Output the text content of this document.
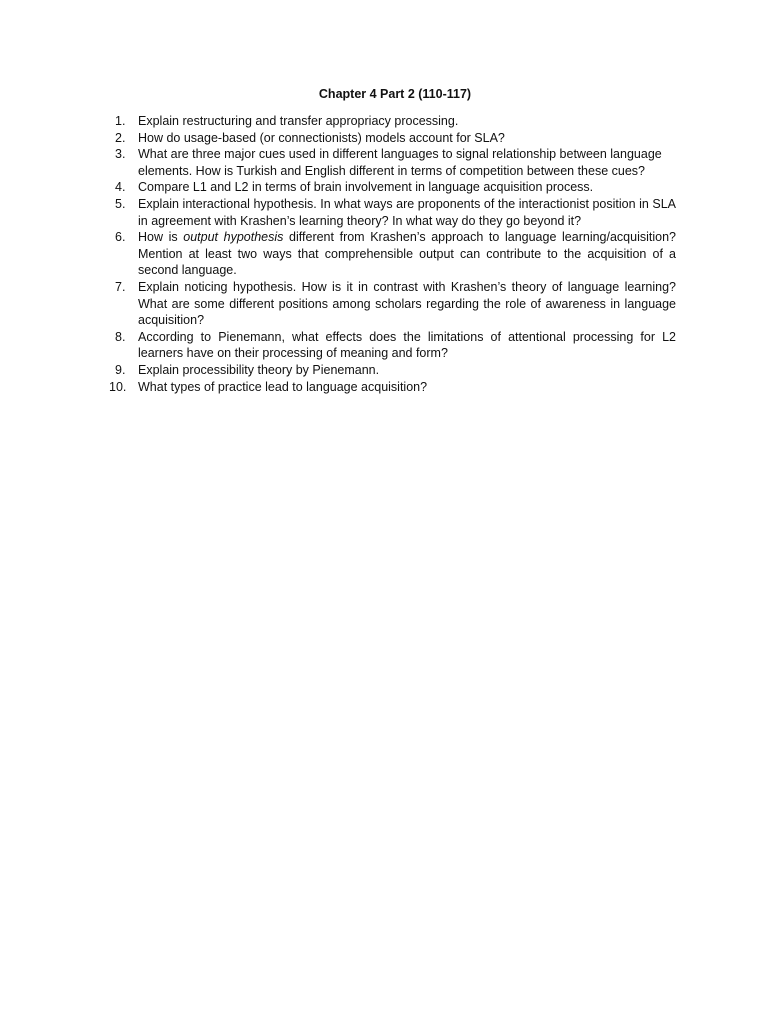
Chapter 4 Part 2 (110-117)
1. Explain restructuring and transfer appropriacy processing.
2. How do usage-based (or connectionists) models account for SLA?
3. What are three major cues used in different languages to signal relationship between language elements. How is Turkish and English different in terms of competition between these cues?
4. Compare L1 and L2 in terms of brain involvement in language acquisition process.
5. Explain interactional hypothesis. In what ways are proponents of the interactionist position in SLA in agreement with Krashen’s learning theory? In what way do they go beyond it?
6. How is output hypothesis different from Krashen’s approach to language learning/acquisition? Mention at least two ways that comprehensible output can contribute to the acquisition of a second language.
7. Explain noticing hypothesis. How is it in contrast with Krashen’s theory of language learning? What are some different positions among scholars regarding the role of awareness in language acquisition?
8. According to Pienemann, what effects does the limitations of attentional processing for L2 learners have on their processing of meaning and form?
9. Explain processibility theory by Pienemann.
10. What types of practice lead to language acquisition?
